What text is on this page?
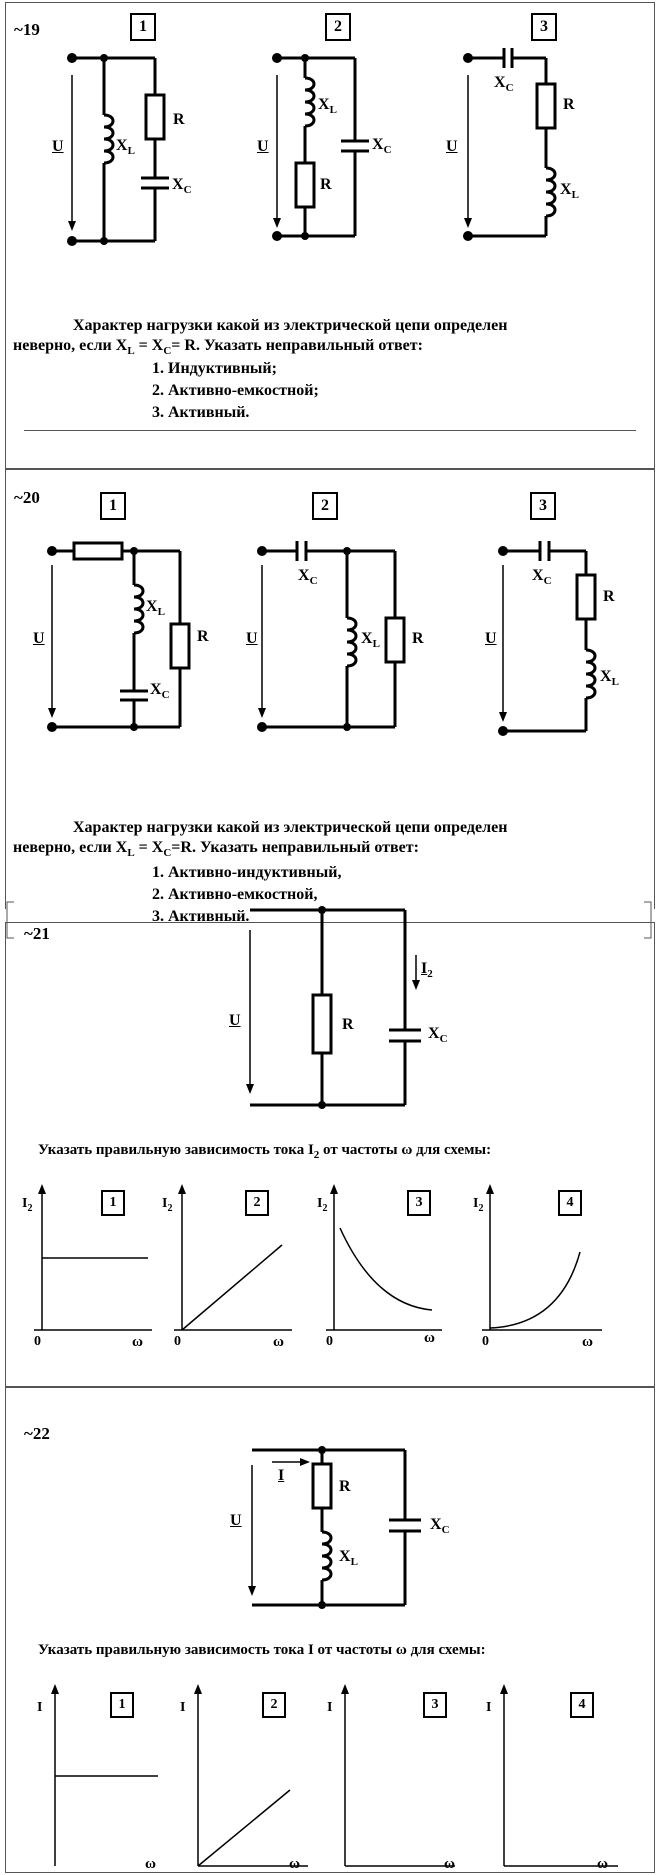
~19	1	2	3
U	$X_L$
R
$X_C$
U
$X_L$
R
$X_C$	U
$X_C$
R
$X_L$

Характер нагрузки какой из электрической цепи определен

неверно, если $X_L = X_C= R$. Указать неправильный ответ:

1. Индуктивный;
2. Активно-емкостной;
3. Активный.
~20	1	2	3
U
$X_L$
R
$X_C$
U
$X_C$
$X_L$ R	U
$X_C$
R
$X_L$

Характер нагрузки какой из электрической цепи определен

неверно, если $X_L = X_C=R$. Указать неправильный ответ:

1. Активно-индуктивный,
2. Активно-емкостной,
3. Активный.
~21
U	R
$X_C$
$I_2$
Указать правильную зависимость тока $I_2$ от частоты ω для схемы:
1	2	3	4
$I_2$	$I_2$	$I_2$	$I_2$
0	0	0	0
ω	ω	ω	ω
~22
U
I
R
$X_L$
$X_C$
Указать правильную зависимость тока I от частоты ω для схемы:
1	2	3	4
I	I	I	I
ω	ω	ω	ω
